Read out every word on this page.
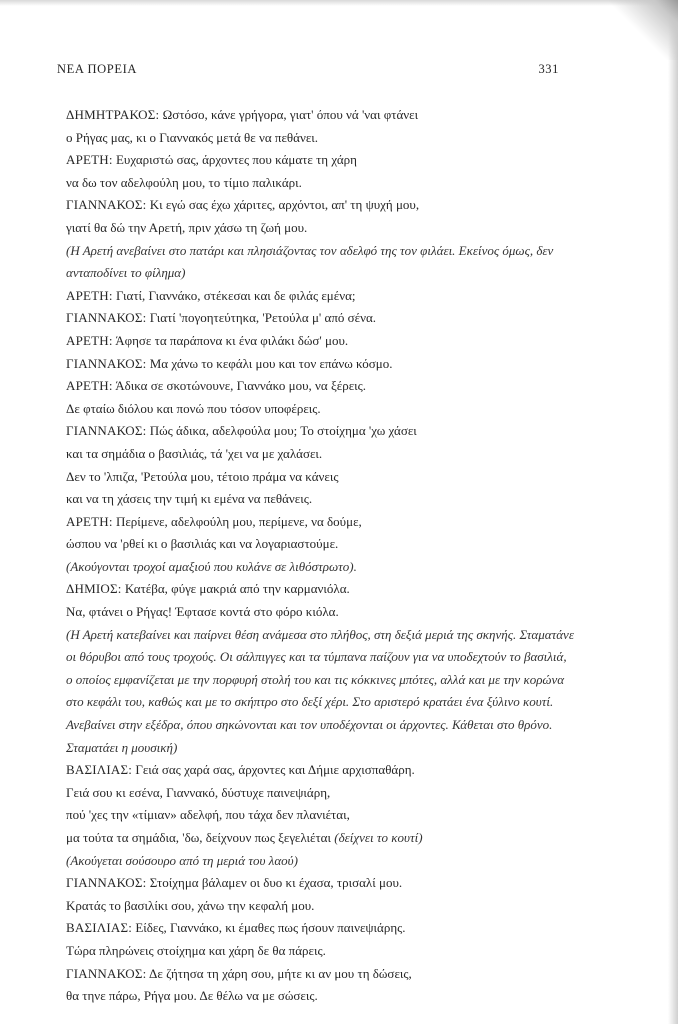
ΝΕΑ ΠΟΡΕΙΑ	331
ΔΗΜΗΤΡΑΚΟΣ: Ωστόσο, κάνε γρήγορα, γιατ' όπου νά 'ναι φτάνει
ο Ρήγας μας, κι ο Γιαννακός μετά θε να πεθάνει.
ΑΡΕΤΗ: Ευχαριστώ σας, άρχοντες που κάματε τη χάρη
να δω τον αδελφούλη μου, το τίμιο παλικάρι.
ΓΙΑΝΝΑΚΟΣ: Κι εγώ σας έχω χάριτες, αρχόντοι, απ' τη ψυχή μου,
γιατί θα δώ την Αρετή, πριν χάσω τη ζωή μου.
(Η Αρετή ανεβαίνει στο πατάρι και πλησιάζοντας τον αδελφό της τον φιλάει. Εκείνος όμως, δεν ανταποδίνει το φίλημα)
ΑΡΕΤΗ: Γιατί, Γιαννάκο, στέκεσαι και δε φιλάς εμένα;
ΓΙΑΝΝΑΚΟΣ: Γιατί 'πογοητεύτηκα, 'Ρετούλα μ' από σένα.
ΑΡΕΤΗ: Άφησε τα παράπονα κι ένα φιλάκι δώσ' μου.
ΓΙΑΝΝΑΚΟΣ: Μα χάνω το κεφάλι μου και τον επάνω κόσμο.
ΑΡΕΤΗ: Άδικα σε σκοτώνουνε, Γιαννάκο μου, να ξέρεις.
Δε φταίω διόλου και πονώ που τόσον υποφέρεις.
ΓΙΑΝΝΑΚΟΣ: Πώς άδικα, αδελφούλα μου; Το στοίχημα 'χω χάσει
και τα σημάδια ο βασιλιάς, τά 'χει να με χαλάσει.
Δεν το 'λπιζα, 'Ρετούλα μου, τέτοιο πράμα να κάνεις
και να τη χάσεις την τιμή κι εμένα να πεθάνεις.
ΑΡΕΤΗ: Περίμενε, αδελφούλη μου, περίμενε, να δούμε,
ώσπου να 'ρθεί κι ο βασιλιάς και να λογαριαστούμε.
(Ακούγονται τροχοί αμαξιού που κυλάνε σε λιθόστρωτο).
ΔΗΜΙΟΣ: Κατέβα, φύγε μακριά από την καρμανιόλα.
Να, φτάνει ο Ρήγας! Έφτασε κοντά στο φόρο κιόλα.
(Η Αρετή κατεβαίνει και παίρνει θέση ανάμεσα στο πλήθος, στη δεξιά μεριά της σκηνής. Σταματάνε οι θόρυβοι από τους τροχούς. Οι σάλπιγγες και τα τύμπανα παίζουν για να υποδεχτούν το βασιλιά, ο οποίος εμφανίζεται με την πορφυρή στολή του και τις κόκκινες μπότες, αλλά και με την κορώνα στο κεφάλι του, καθώς και με το σκήπτρο στο δεξί χέρι. Στο αριστερό κρατάει ένα ξύλινο κουτί. Ανεβαίνει στην εξέδρα, όπου σηκώνονται και τον υποδέχονται οι άρχοντες. Κάθεται στο θρόνο. Σταματάει η μουσική)
ΒΑΣΙΛΙΑΣ: Γειά σας χαρά σας, άρχοντες και Δήμιε αρχισπαθάρη.
Γειά σου κι εσένα, Γιαννακό, δύστυχε παινεψιάρη,
πού 'χες την «τίμιαν» αδελφή, που τάχα δεν πλανιέται,
μα τούτα τα σημάδια, 'δω, δείχνουν πως ξεγελιέται (δείχνει το κουτί)
(Ακούγεται σούσουρο από τη μεριά του λαού)
ΓΙΑΝΝΑΚΟΣ: Στοίχημα βάλαμεν οι δυο κι έχασα, τρισαλί μου.
Κρατάς το βασιλίκι σου, χάνω την κεφαλή μου.
ΒΑΣΙΛΙΑΣ: Είδες, Γιαννάκο, κι έμαθες πως ήσουν παινεψιάρης.
Τώρα πληρώνεις στοίχημα και χάρη δε θα πάρεις.
ΓΙΑΝΝΑΚΟΣ: Δε ζήτησα τη χάρη σου, μήτε κι αν μου τη δώσεις,
θα τηνε πάρω, Ρήγα μου. Δε θέλω να με σώσεις.
